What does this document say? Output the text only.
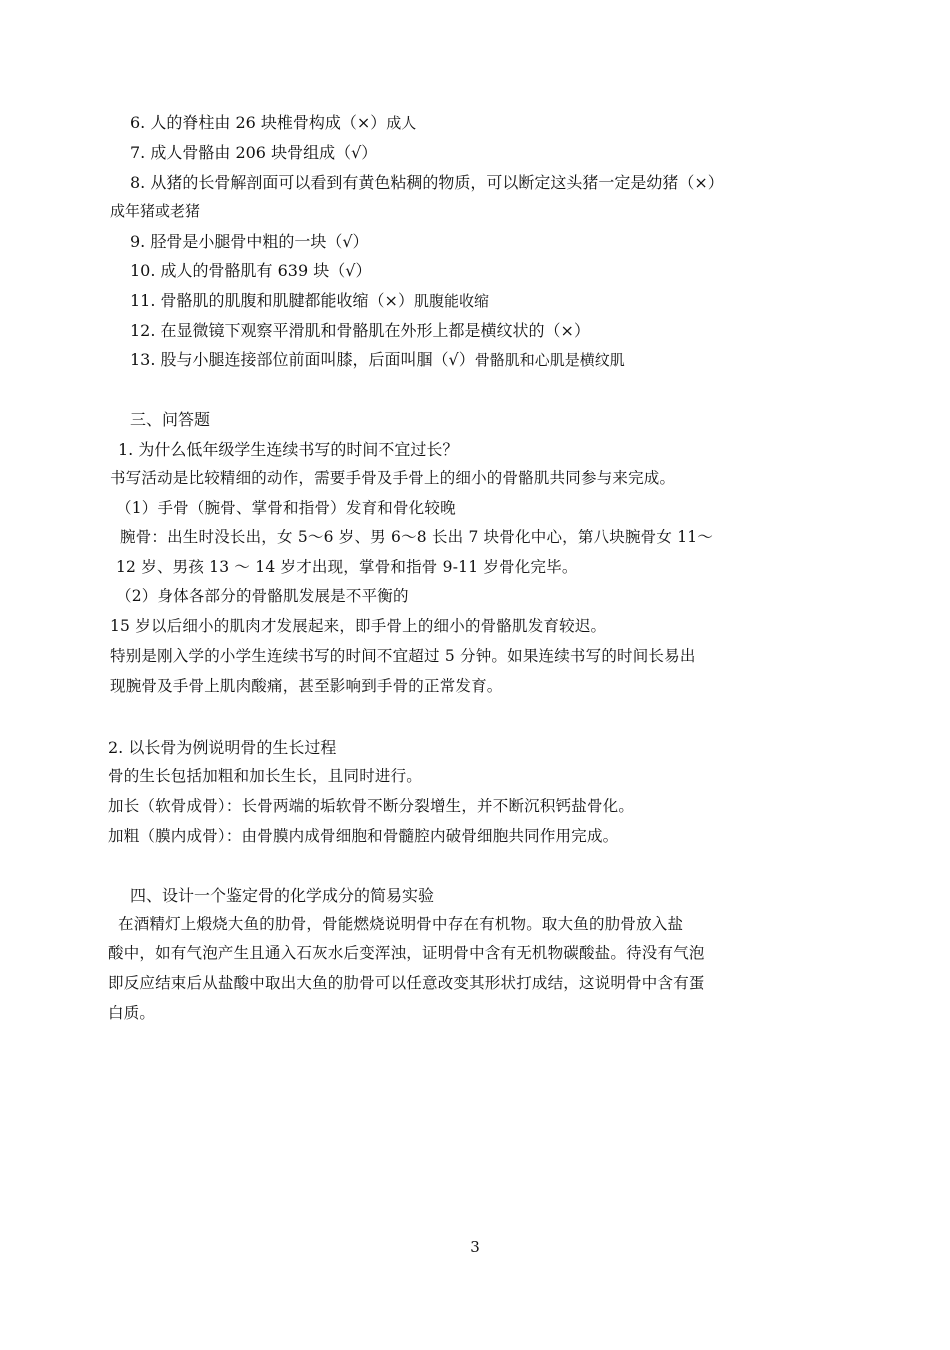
6. 人的脊柱由 26 块椎骨构成（×）成人
7. 成人骨骼由 206 块骨组成（√）
8. 从猪的长骨解剖面可以看到有黄色粘稠的物质，可以断定这头猪一定是幼猪（×）
成年猪或老猪
9. 胫骨是小腿骨中粗的一块（√）
10. 成人的骨骼肌有 639 块（√）
11. 骨骼肌的肌腹和肌腱都能收缩（×）肌腹能收缩
12. 在显微镜下观察平滑肌和骨骼肌在外形上都是横纹状的（×）
13. 股与小腿连接部位前面叫膝，后面叫腘（√）骨骼肌和心肌是横纹肌
三、问答题
1. 为什么低年级学生连续书写的时间不宜过长？
书写活动是比较精细的动作，需要手骨及手骨上的细小的骨骼肌共同参与来完成。
（1）手骨（腕骨、掌骨和指骨）发育和骨化较晚
腕骨：出生时没长出，女 5～6 岁、男 6～8 长出 7 块骨化中心，第八块腕骨女 11～
12 岁、男孩 13 ～ 14 岁才出现，掌骨和指骨 9-11 岁骨化完毕。
（2）身体各部分的骨骼肌发展是不平衡的
15 岁以后细小的肌肉才发展起来，即手骨上的细小的骨骼肌发育较迟。
特别是刚入学的小学生连续书写的时间不宜超过 5 分钟。如果连续书写的时间长易出
现腕骨及手骨上肌肉酸痛，甚至影响到手骨的正常发育。
2. 以长骨为例说明骨的生长过程
骨的生长包括加粗和加长生长，且同时进行。
加长（软骨成骨）：长骨两端的垢软骨不断分裂增生，并不断沉积钙盐骨化。
加粗（膜内成骨）：由骨膜内成骨细胞和骨髓腔内破骨细胞共同作用完成。
四、设计一个鉴定骨的化学成分的简易实验
在酒精灯上煅烧大鱼的肋骨，骨能燃烧说明骨中存在有机物。取大鱼的肋骨放入盐
酸中，如有气泡产生且通入石灰水后变浑浊，证明骨中含有无机物碳酸盐。待没有气泡
即反应结束后从盐酸中取出大鱼的肋骨可以任意改变其形状打成结，这说明骨中含有蛋
白质。
3
